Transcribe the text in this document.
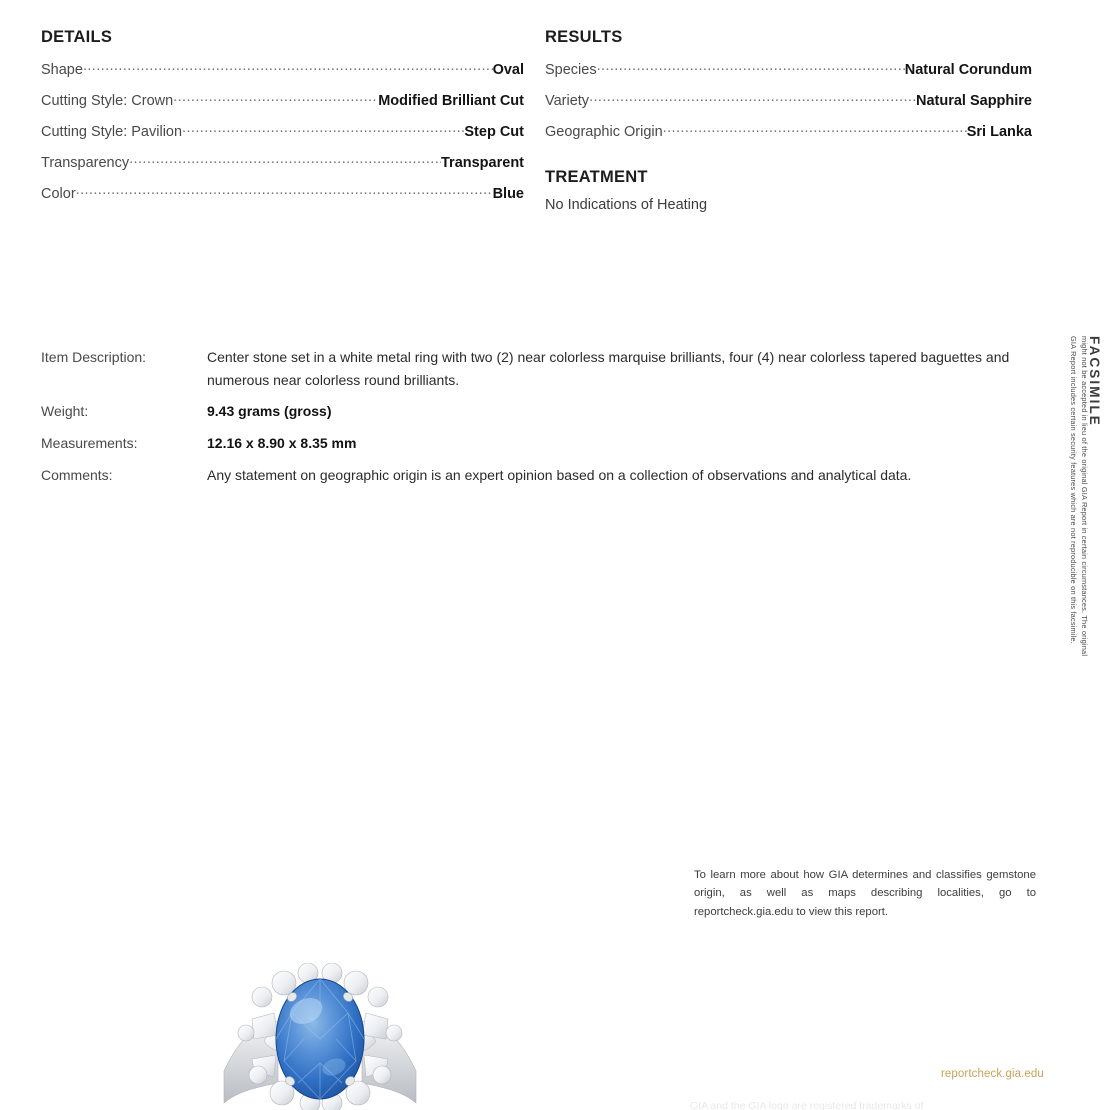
DETAILS
Shape .....	Oval
Cutting Style: Crown .....	Modified Brilliant Cut
Cutting Style: Pavilion .....	Step Cut
Transparency .....	Transparent
Color .....	Blue
RESULTS
Species .....	Natural Corundum
Variety .....	Natural Sapphire
Geographic Origin .....	Sri Lanka
TREATMENT
No Indications of Heating
Item Description:	Center stone set in a white metal ring with two (2) near colorless marquise brilliants, four (4) near colorless tapered baguettes and numerous near colorless round brilliants.
Weight:	9.43 grams (gross)
Measurements:	12.16 x 8.90 x 8.35 mm
Comments:	Any statement on geographic origin is an expert opinion based on a collection of observations and analytical data.
FACSIMILE
might not be accepted in lieu of the original GIA Report in certain circumstances. The original
GIA Report includes certain security features which are not reproducible on this facsimile.
To learn more about how GIA determines and classifies gemstone origin, as well as maps describing localities, go to reportcheck.gia.edu to view this report.
reportcheck.gia.edu
GIA and the GIA logo are registered trademarks of
